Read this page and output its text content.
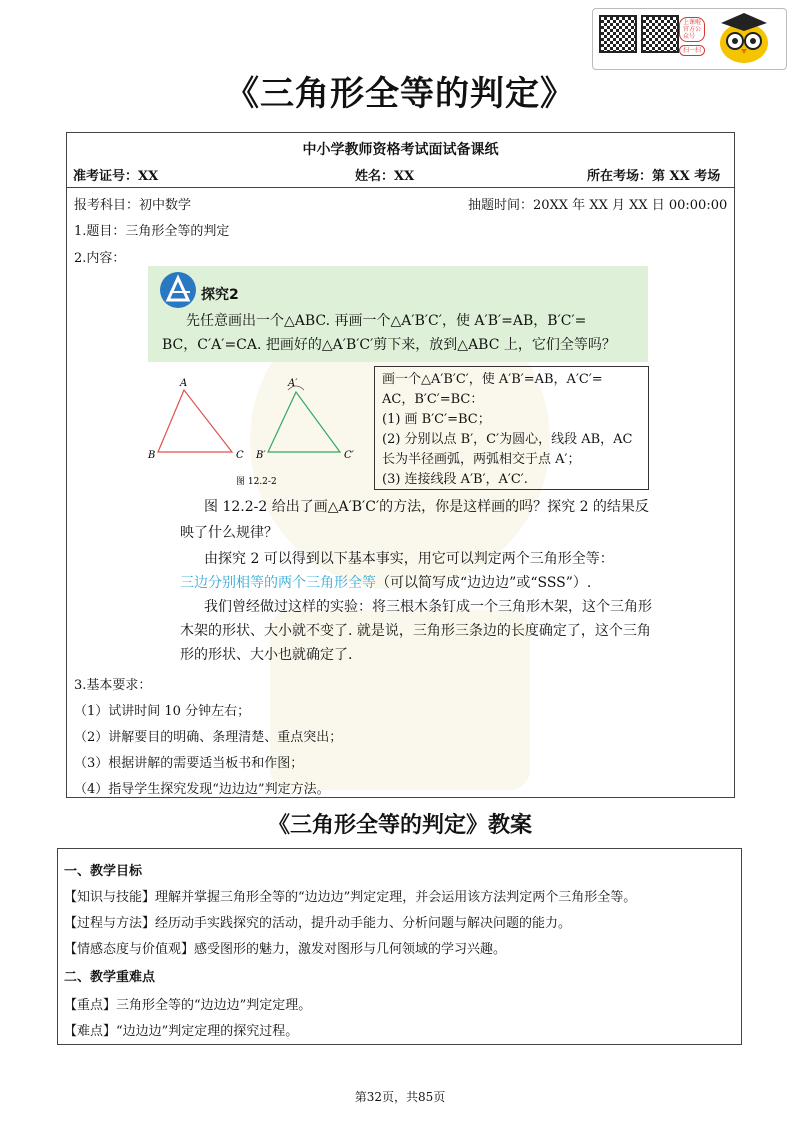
上课啦
官方公
众号
扫一扫
《三角形全等的判定》
中小学教师资格考试面试备课纸
准考证号：XX	姓名：XX	所在考场：第 XX 考场
报考科目：初中数学	抽题时间：20XX 年 XX 月 XX 日 00:00:00
1.题目：三角形全等的判定
2.内容：
探究2
先任意画出一个△ABC. 再画一个△A′B′C′，使 A′B′=AB，B′C′=
BC，C′A′=CA. 把画好的△A′B′C′剪下来，放到△ABC 上，它们全等吗？
A
B	C
A′
B′	C′
图 12.2-2
画一个△A′B′C′，使 A′B′=AB，A′C′=
AC，B′C′=BC：
(1) 画 B′C′=BC；
(2) 分别以点 B′，C′为圆心，线段 AB，AC
长为半径画弧，两弧相交于点 A′；
(3) 连接线段 A′B′，A′C′.
图 12.2-2 给出了画△A′B′C′的方法，你是这样画的吗？探究 2 的结果反
映了什么规律？
由探究 2 可以得到以下基本事实，用它可以判定两个三角形全等：
三边分别相等的两个三角形全等（可以简写成“边边边”或“SSS”）.
我们曾经做过这样的实验：将三根木条钉成一个三角形木架，这个三角形
木架的形状、大小就不变了. 就是说，三角形三条边的长度确定了，这个三角
形的形状、大小也就确定了.
3.基本要求：
（1）试讲时间 10 分钟左右；
（2）讲解要目的明确、条理清楚、重点突出；
（3）根据讲解的需要适当板书和作图；
（4）指导学生探究发现“边边边”判定方法。
《三角形全等的判定》教案
一、教学目标
【知识与技能】理解并掌握三角形全等的“边边边”判定定理，并会运用该方法判定两个三角形全等。
【过程与方法】经历动手实践探究的活动，提升动手能力、分析问题与解决问题的能力。
【情感态度与价值观】感受图形的魅力，激发对图形与几何领域的学习兴趣。
二、教学重难点
【重点】三角形全等的“边边边”判定定理。
【难点】“边边边”判定定理的探究过程。
第32页，共85页
